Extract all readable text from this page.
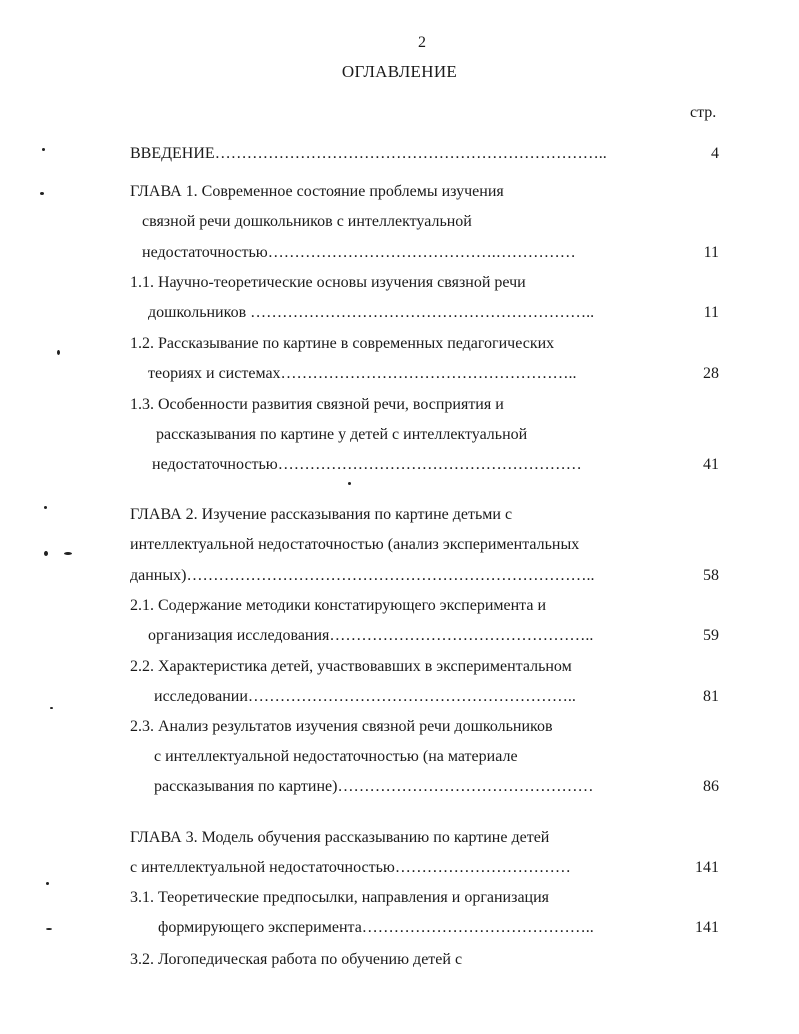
2
ОГЛАВЛЕНИЕ
стр.
ВВЕДЕНИЕ………………………………………………………………..	4
ГЛАВА 1. Современное состояние проблемы изучения
связной речи дошкольников с интеллектуальной
недостаточностью…………………………………….……………	11
1.1. Научно-теоретические основы изучения связной речи
дошкольников ………………………………………………………..	11
1.2. Рассказывание по картине в современных педагогических
теориях и системах………………………………………………..	28
1.3. Особенности развития связной речи, восприятия и
рассказывания по картине у детей с интеллектуальной
недостаточностью…………………………………………………	41
ГЛАВА 2. Изучение рассказывания по картине детьми с
интеллектуальной недостаточностью (анализ экспериментальных
данных)…………………………………………………………………..	58
2.1. Содержание методики констатирующего эксперимента и
организация исследования…………………………………………..	59
2.2. Характеристика детей, участвовавших в экспериментальном
исследовании……………………………………………………..	81
2.3. Анализ результатов изучения связной речи дошкольников
с интеллектуальной недостаточностью (на материале
рассказывания по картине)…………………………………………	86
ГЛАВА 3. Модель обучения рассказыванию по картине детей
с интеллектуальной недостаточностью……………………………	141
3.1. Теоретические предпосылки, направления и организация
формирующего эксперимента……………………………………..	141
3.2. Логопедическая работа по обучению детей с
